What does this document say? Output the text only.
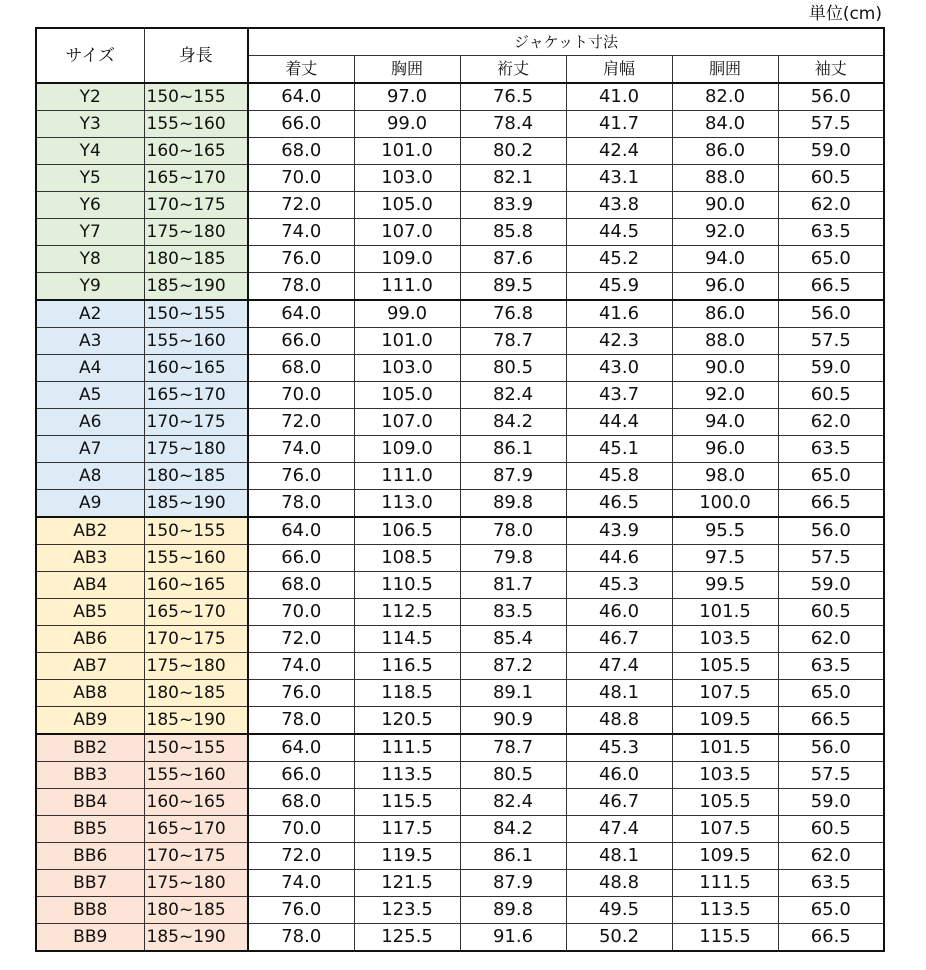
単位(cm)
サイズ	身長	ジャケット寸法					
		着丈	胸囲	裄丈	肩幅	胴囲	袖丈
Y2	150~155	64.0	97.0	76.5	41.0	82.0	56.0
Y3	155~160	66.0	99.0	78.4	41.7	84.0	57.5
Y4	160~165	68.0	101.0	80.2	42.4	86.0	59.0
Y5	165~170	70.0	103.0	82.1	43.1	88.0	60.5
Y6	170~175	72.0	105.0	83.9	43.8	90.0	62.0
Y7	175~180	74.0	107.0	85.8	44.5	92.0	63.5
Y8	180~185	76.0	109.0	87.6	45.2	94.0	65.0
Y9	185~190	78.0	111.0	89.5	45.9	96.0	66.5
A2	150~155	64.0	99.0	76.8	41.6	86.0	56.0
A3	155~160	66.0	101.0	78.7	42.3	88.0	57.5
A4	160~165	68.0	103.0	80.5	43.0	90.0	59.0
A5	165~170	70.0	105.0	82.4	43.7	92.0	60.5
A6	170~175	72.0	107.0	84.2	44.4	94.0	62.0
A7	175~180	74.0	109.0	86.1	45.1	96.0	63.5
A8	180~185	76.0	111.0	87.9	45.8	98.0	65.0
A9	185~190	78.0	113.0	89.8	46.5	100.0	66.5
AB2	150~155	64.0	106.5	78.0	43.9	95.5	56.0
AB3	155~160	66.0	108.5	79.8	44.6	97.5	57.5
AB4	160~165	68.0	110.5	81.7	45.3	99.5	59.0
AB5	165~170	70.0	112.5	83.5	46.0	101.5	60.5
AB6	170~175	72.0	114.5	85.4	46.7	103.5	62.0
AB7	175~180	74.0	116.5	87.2	47.4	105.5	63.5
AB8	180~185	76.0	118.5	89.1	48.1	107.5	65.0
AB9	185~190	78.0	120.5	90.9	48.8	109.5	66.5
BB2	150~155	64.0	111.5	78.7	45.3	101.5	56.0
BB3	155~160	66.0	113.5	80.5	46.0	103.5	57.5
BB4	160~165	68.0	115.5	82.4	46.7	105.5	59.0
BB5	165~170	70.0	117.5	84.2	47.4	107.5	60.5
BB6	170~175	72.0	119.5	86.1	48.1	109.5	62.0
BB7	175~180	74.0	121.5	87.9	48.8	111.5	63.5
BB8	180~185	76.0	123.5	89.8	49.5	113.5	65.0
BB9	185~190	78.0	125.5	91.6	50.2	115.5	66.5
